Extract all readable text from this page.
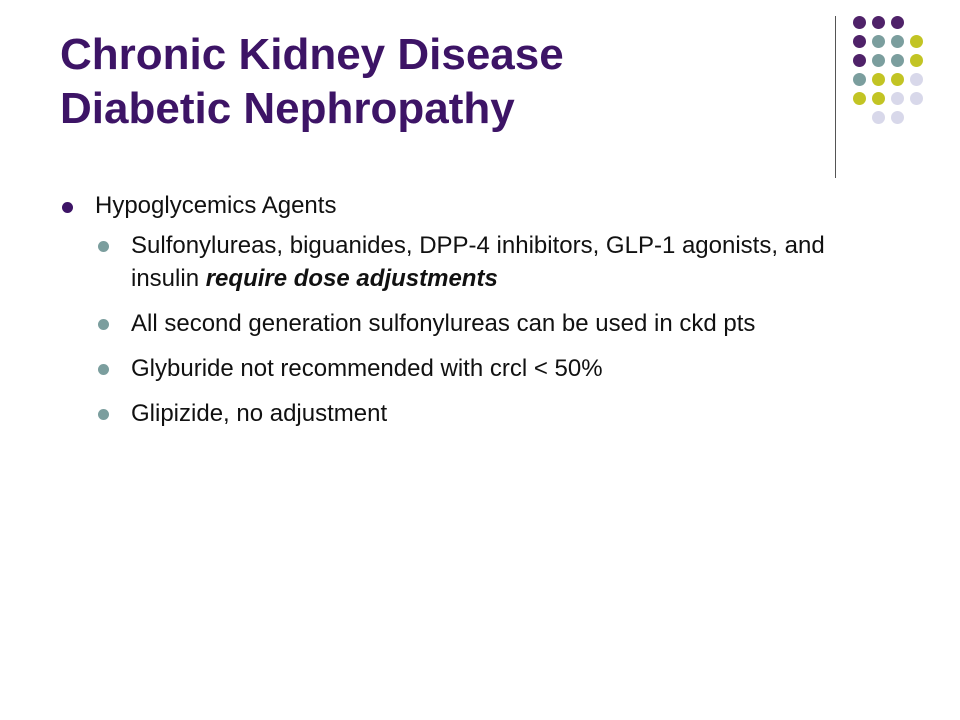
Chronic Kidney Disease
Diabetic Nephropathy
Hypoglycemics Agents
Sulfonylureas, biguanides, DPP-4 inhibitors, GLP-1 agonists, and insulin require dose adjustments
All second generation sulfonylureas can be used in ckd pts
Glyburide not recommended with crcl < 50%
Glipizide, no adjustment
